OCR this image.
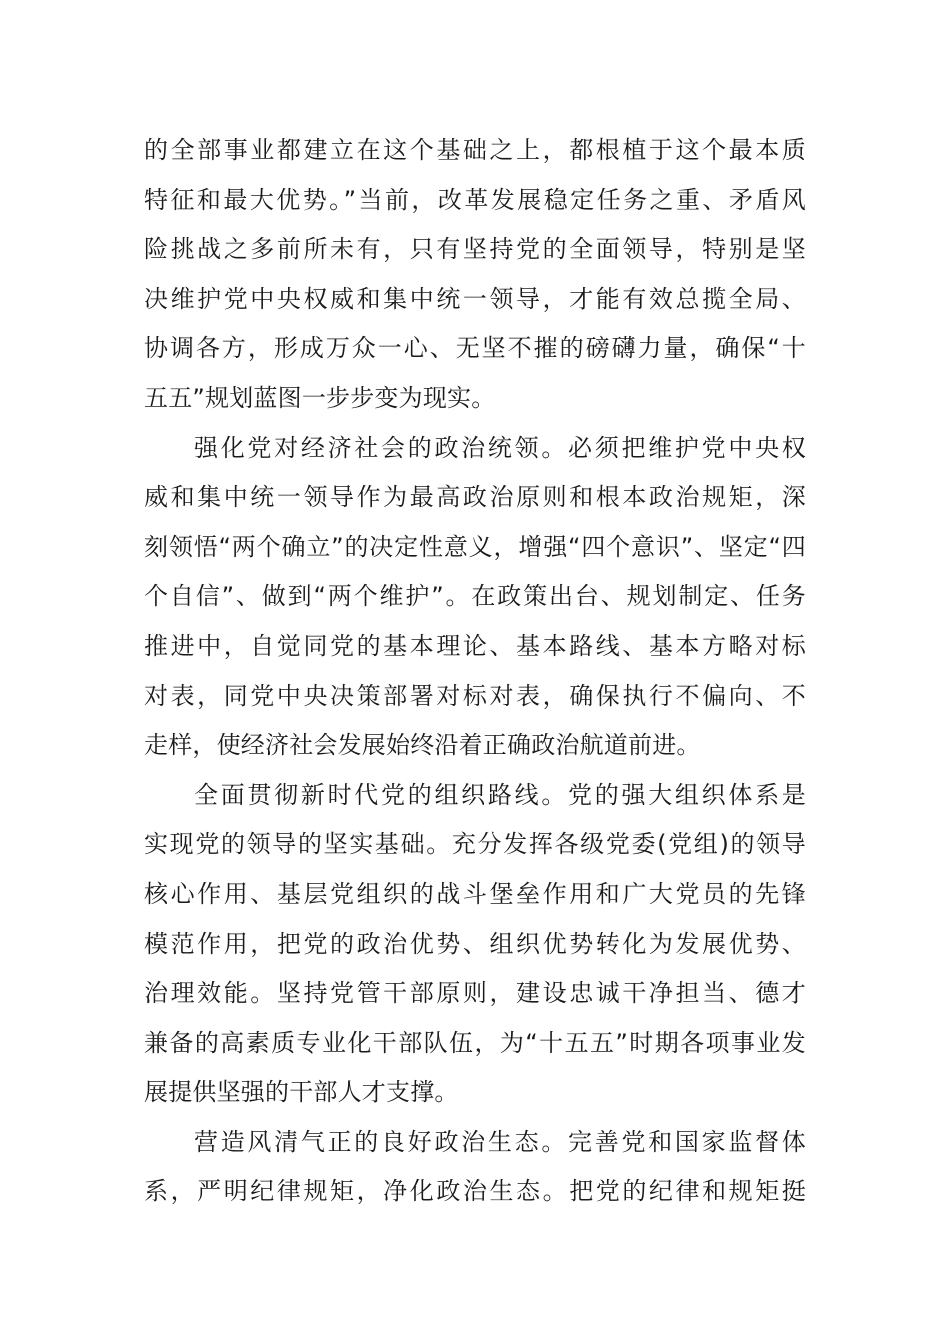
的全部事业都建立在这个基础之上，都根植于这个最本质
特征和最大优势。”当前，改革发展稳定任务之重、矛盾风
险挑战之多前所未有，只有坚持党的全面领导，特别是坚
决维护党中央权威和集中统一领导，才能有效总揽全局、
协调各方，形成万众一心、无坚不摧的磅礴力量，确保“十
五五”规划蓝图一步步变为现实。
强化党对经济社会的政治统领。必须把维护党中央权
威和集中统一领导作为最高政治原则和根本政治规矩，深
刻领悟“两个确立”的决定性意义，增强“四个意识”、坚定“四
个自信”、做到“两个维护”。在政策出台、规划制定、任务
推进中，自觉同党的基本理论、基本路线、基本方略对标
对表，同党中央决策部署对标对表，确保执行不偏向、不
走样，使经济社会发展始终沿着正确政治航道前进。
全面贯彻新时代党的组织路线。党的强大组织体系是
实现党的领导的坚实基础。充分发挥各级党委(党组)的领导
核心作用、基层党组织的战斗堡垒作用和广大党员的先锋
模范作用，把党的政治优势、组织优势转化为发展优势、
治理效能。坚持党管干部原则，建设忠诚干净担当、德才
兼备的高素质专业化干部队伍，为“十五五”时期各项事业发
展提供坚强的干部人才支撑。
营造风清气正的良好政治生态。完善党和国家监督体
系，严明纪律规矩，净化政治生态。把党的纪律和规矩挺
